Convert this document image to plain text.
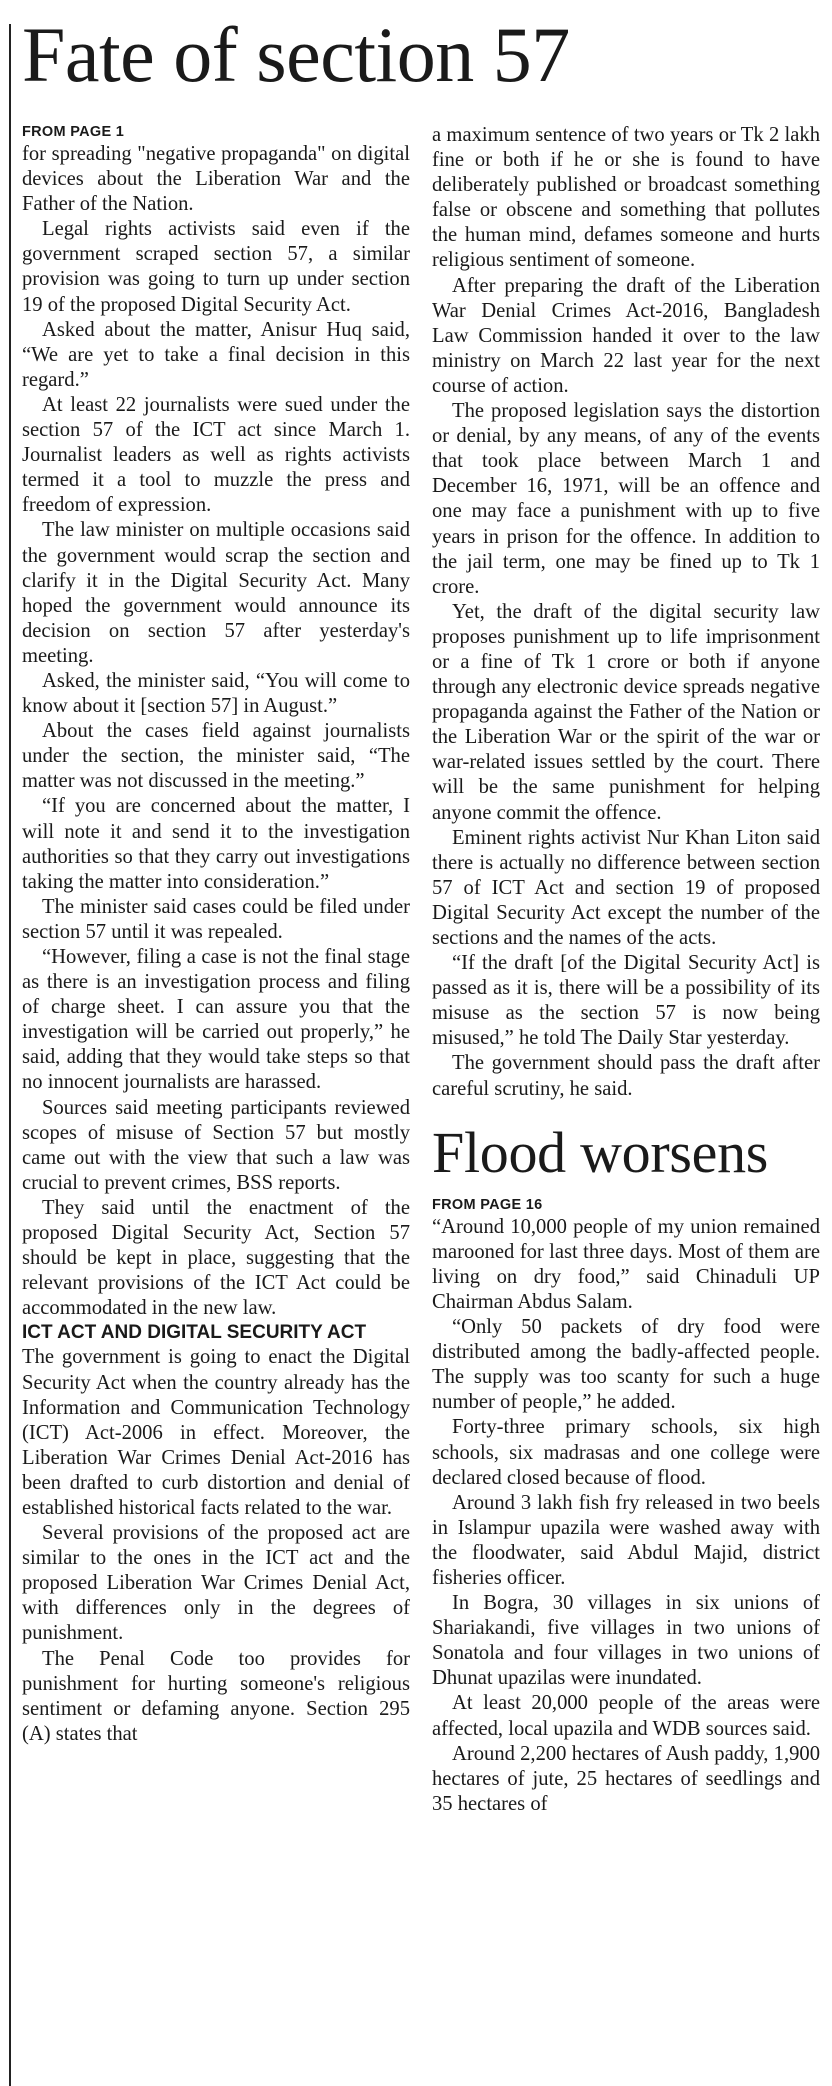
Fate of section 57
FROM PAGE 1

for spreading "negative propaganda" on digital devices about the Liberation War and the Father of the Nation.

Legal rights activists said even if the government scraped section 57, a similar provision was going to turn up under section 19 of the proposed Digital Security Act.

Asked about the matter, Anisur Huq said, “We are yet to take a final decision in this regard.”

At least 22 journalists were sued under the section 57 of the ICT act since March 1. Journalist leaders as well as rights activists termed it a tool to muzzle the press and freedom of expression.

The law minister on multiple occasions said the government would scrap the section and clarify it in the Digital Security Act. Many hoped the government would announce its decision on section 57 after yesterday's meeting.

Asked, the minister said, “You will come to know about it [section 57] in August.”

About the cases field against journalists under the section, the minister said, “The matter was not discussed in the meeting.”

“If you are concerned about the matter, I will note it and send it to the investigation authorities so that they carry out investigations taking the matter into consideration.”

The minister said cases could be filed under section 57 until it was repealed.

“However, filing a case is not the final stage as there is an investigation process and filing of charge sheet. I can assure you that the investigation will be carried out properly,” he said, adding that they would take steps so that no innocent journalists are harassed.

Sources said meeting participants reviewed scopes of misuse of Section 57 but mostly came out with the view that such a law was crucial to prevent crimes, BSS reports.

They said until the enactment of the proposed Digital Security Act, Section 57 should be kept in place, suggesting that the relevant provisions of the ICT Act could be accommodated in the new law.

ICT ACT AND DIGITAL SECURITY ACT

The government is going to enact the Digital Security Act when the country already has the Information and Communication Technology (ICT) Act-2006 in effect. Moreover, the Liberation War Crimes Denial Act-2016 has been drafted to curb distortion and denial of established historical facts related to the war.

Several provisions of the proposed act are similar to the ones in the ICT act and the proposed Liberation War Crimes Denial Act, with differences only in the degrees of punishment.

The Penal Code too provides for punishment for hurting someone's religious sentiment or defaming anyone. Section 295 (A) states that

a maximum sentence of two years or Tk 2 lakh fine or both if he or she is found to have deliberately published or broadcast something false or obscene and something that pollutes the human mind, defames someone and hurts religious sentiment of someone.

After preparing the draft of the Liberation War Denial Crimes Act-2016, Bangladesh Law Commission handed it over to the law ministry on March 22 last year for the next course of action.

The proposed legislation says the distortion or denial, by any means, of any of the events that took place between March 1 and December 16, 1971, will be an offence and one may face a punishment with up to five years in prison for the offence. In addition to the jail term, one may be fined up to Tk 1 crore.

Yet, the draft of the digital security law proposes punishment up to life imprisonment or a fine of Tk 1 crore or both if anyone through any electronic device spreads negative propaganda against the Father of the Nation or the Liberation War or the spirit of the war or war-related issues settled by the court. There will be the same punishment for helping anyone commit the offence.

Eminent rights activist Nur Khan Liton said there is actually no difference between section 57 of ICT Act and section 19 of proposed Digital Security Act except the number of the sections and the names of the acts.

“If the draft [of the Digital Security Act] is passed as it is, there will be a possibility of its misuse as the section 57 is now being misused,” he told The Daily Star yesterday.

The government should pass the draft after careful scrutiny, he said.

Flood worsens
FROM PAGE 16

“Around 10,000 people of my union remained marooned for last three days. Most of them are living on dry food,” said Chinaduli UP Chairman Abdus Salam.

“Only 50 packets of dry food were distributed among the badly-affected people. The supply was too scanty for such a huge number of people,” he added.

Forty-three primary schools, six high schools, six madrasas and one college were declared closed because of flood.

Around 3 lakh fish fry released in two beels in Islampur upazila were washed away with the floodwater, said Abdul Majid, district fisheries officer.

In Bogra, 30 villages in six unions of Shariakandi, five villages in two unions of Sonatola and four villages in two unions of Dhunat upazilas were inundated.

At least 20,000 people of the areas were affected, local upazila and WDB sources said.

Around 2,200 hectares of Aush paddy, 1,900 hectares of jute, 25 hectares of seedlings and 35 hectares of
